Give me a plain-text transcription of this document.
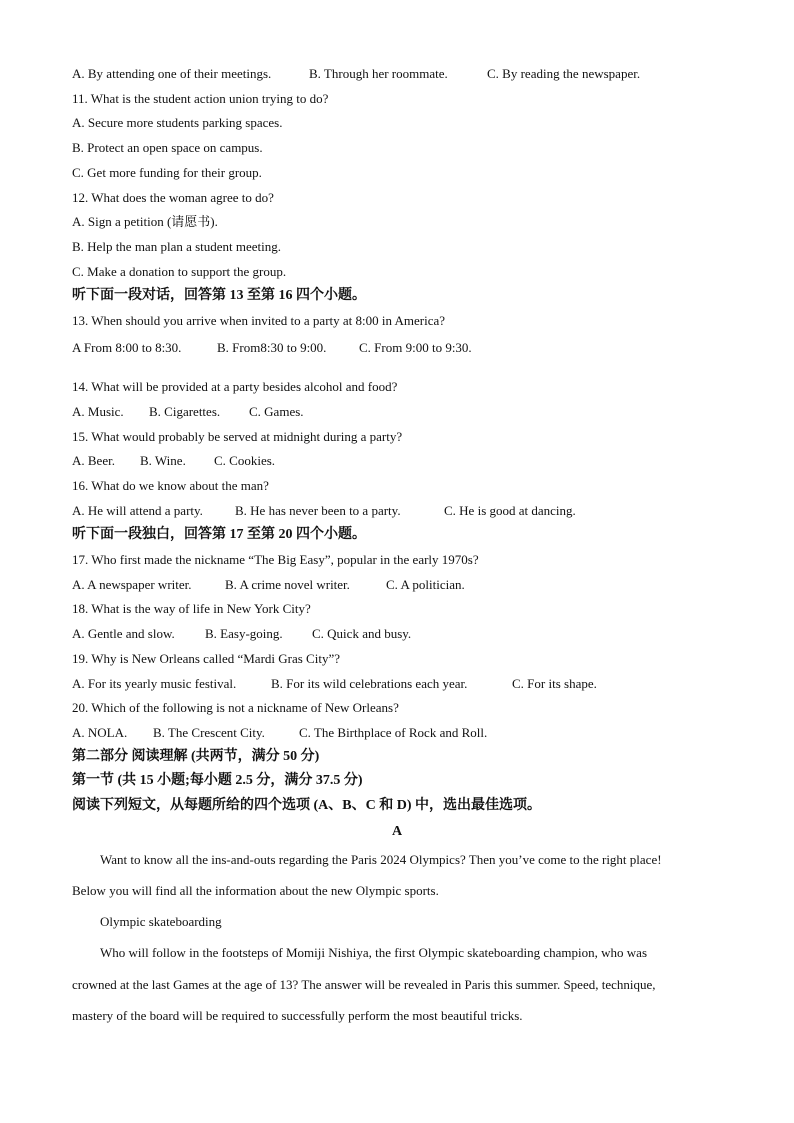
A. By attending one of their meetings.	B. Through her roommate.	C. By reading the newspaper.
11. What is the student action union trying to do?
A. Secure more students parking spaces.
B. Protect an open space on campus.
C. Get more funding for their group.
12. What does the woman agree to do?
A. Sign a petition (请愿书).
B. Help the man plan a student meeting.
C. Make a donation to support the group.
听下面一段对话，回答第 13 至第 16 四个小题。
13. When should you arrive when invited to a party at 8:00 in America?
A From 8:00 to 8:30.	B. From8:30 to 9:00.	C. From 9:00 to 9:30.
14. What will be provided at a party besides alcohol and food?
A. Music. B. Cigarettes. C. Games.
15. What would probably be served at midnight during a party?
A. Beer. B. Wine. C. Cookies.
16. What do we know about the man?
A. He will attend a party. B. He has never been to a party.	C. He is good at dancing.
听下面一段独白，回答第 17 至第 20 四个小题。
17. Who first made the nickname “The Big Easy”, popular in the early 1970s?
A. A newspaper writer.	B. A crime novel writer.	C. A politician.
18. What is the way of life in New York City?
A. Gentle and slow. B. Easy-going. C. Quick and busy.
19. Why is New Orleans called “Mardi Gras City”?
A. For its yearly music festival.	B. For its wild celebrations each year.	C. For its shape.
20. Which of the following is not a nickname of New Orleans?
A. NOLA. B. The Crescent City.	C. The Birthplace of Rock and Roll.
第二部分 阅读理解 (共两节，满分 50 分)
第一节 (共 15 小题;每小题 2.5 分，满分 37.5 分)
阅读下列短文，从每题所给的四个选项 (A、B、C 和 D) 中，选出最佳选项。
A
Want to know all the ins-and-outs regarding the Paris 2024 Olympics? Then you’ve come to the right place!
Below you will find all the information about the new Olympic sports.
Olympic skateboarding
Who will follow in the footsteps of Momiji Nishiya, the first Olympic skateboarding champion, who was
crowned at the last Games at the age of 13? The answer will be revealed in Paris this summer. Speed, technique,
mastery of the board will be required to successfully perform the most beautiful tricks.
